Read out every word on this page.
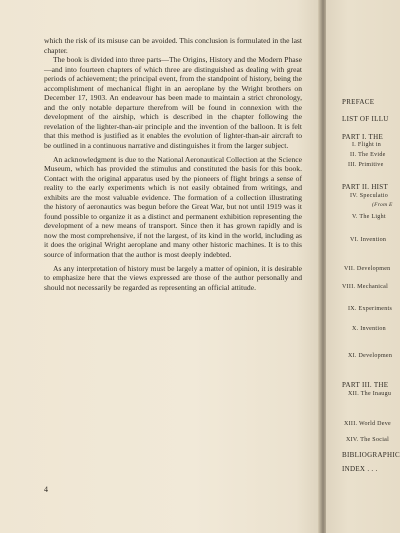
which the risk of its misuse can be avoided. This conclusion is formulated in the last chapter.

The book is divided into three parts—The Origins, History and the Modern Phase—and into fourteen chapters of which three are distinguished as dealing with great periods of achievement; the principal event, from the standpoint of history, being the accomplishment of mechanical flight in an aeroplane by the Wright brothers on December 17, 1903. An endeavour has been made to maintain a strict chronology, and the only notable departure therefrom will be found in connexion with the development of the airship, which is described in the chapter following the revelation of the lighter-than-air principle and the invention of the balloon. It is felt that this method is justified as it enables the evolution of lighter-than-air aircraft to be outlined in a continuous narrative and distinguishes it from the larger subject.

An acknowledgment is due to the National Aeronautical Collection at the Science Museum, which has provided the stimulus and constituted the basis for this book. Contact with the original apparatus used by the pioneers of flight brings a sense of reality to the early experiments which is not easily obtained from writings, and exhibits are the most valuable evidence. The formation of a collection illustrating the history of aeronautics was begun before the Great War, but not until 1919 was it found possible to organize it as a distinct and permanent exhibition representing the development of a new means of transport. Since then it has grown rapidly and is now the most comprehensive, if not the largest, of its kind in the world, including as it does the original Wright aeroplane and many other historic machines. It is to this source of information that the author is most deeply indebted.

As any interpretation of history must be largely a matter of opinion, it is desirable to emphasize here that the views expressed are those of the author personally and should not necessarily be regarded as representing an official attitude.

4
PREFACE
LIST OF ILLU
PART I. THE
I. Flight in
II. The Evide
III. Primitive
PART II. HIST
IV. Speculatio
(From E
V. The Light
VI. Invention
VII. Developmen
VIII. Mechanical
IX. Experiments
X. Invention
XI. Developmen
PART III. THE
XII. The Inaugu
XIII. World Deve
XIV. The Social
BIBLIOGRAPHIC
INDEX . . .
